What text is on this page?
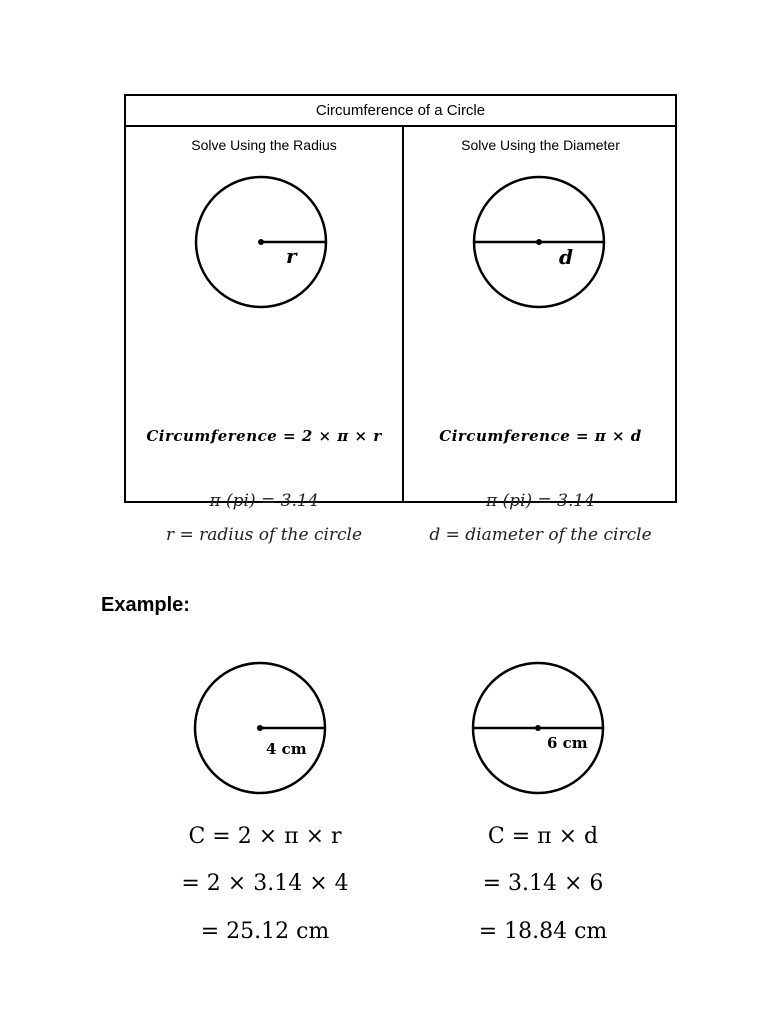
Circumference of a Circle
Solve Using the Radius
r
Circumference = 2 × π × r
π (pi) = 3.14
r = radius of the circle
Solve Using the Diameter
d
Circumference = π × d
π (pi) = 3.14
d = diameter of the circle
Example:
4 cm	6 cm
C = 2 × π × r
= 2 × 3.14 × 4
= 25.12 cm
C = π × d
= 3.14 × 6
= 18.84 cm
